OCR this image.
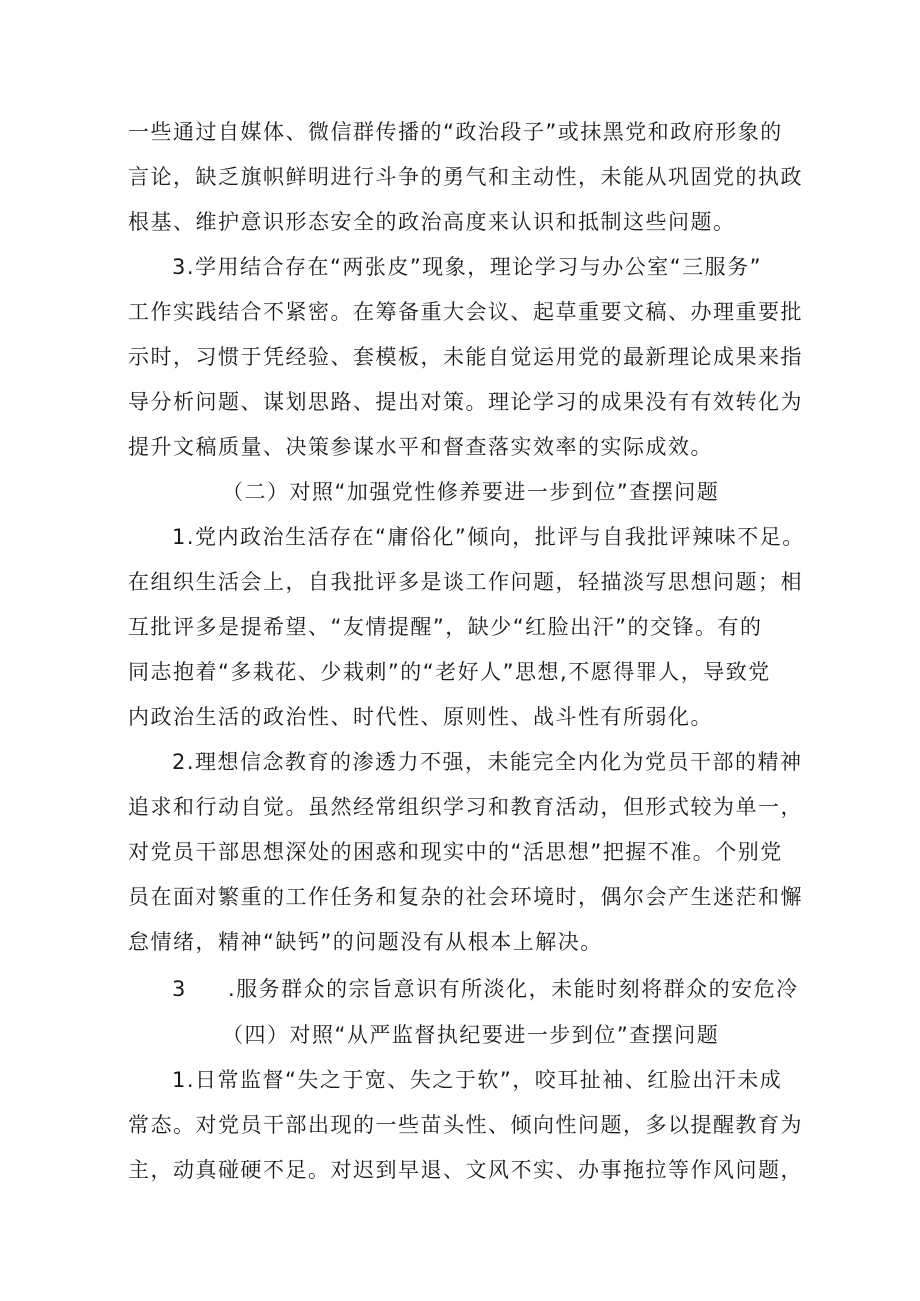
一些通过自媒体、微信群传播的“政治段子”或抹黑党和政府形象的
言论，缺乏旗帜鲜明进行斗争的勇气和主动性，未能从巩固党的执政
根基、维护意识形态安全的政治高度来认识和抵制这些问题。
3.学用结合存在“两张皮”现象，理论学习与办公室“三服务”
工作实践结合不紧密。在筹备重大会议、起草重要文稿、办理重要批
示时，习惯于凭经验、套模板，未能自觉运用党的最新理论成果来指
导分析问题、谋划思路、提出对策。理论学习的成果没有有效转化为
提升文稿质量、决策参谋水平和督查落实效率的实际成效。
（二）对照“加强党性修养要进一步到位”查摆问题
1.党内政治生活存在“庸俗化”倾向，批评与自我批评辣味不足。
在组织生活会上，自我批评多是谈工作问题，轻描淡写思想问题；相
互批评多是提希望、“友情提醒”，缺少“红脸出汗”的交锋。有的
同志抱着“多栽花、少栽刺”的“老好人”思想,不愿得罪人，导致党
内政治生活的政治性、时代性、原则性、战斗性有所弱化。
2.理想信念教育的渗透力不强，未能完全内化为党员干部的精神
追求和行动自觉。虽然经常组织学习和教育活动，但形式较为单一，
对党员干部思想深处的困惑和现实中的“活思想”把握不准。个别党
员在面对繁重的工作任务和复杂的社会环境时，偶尔会产生迷茫和懈
怠情绪，精神“缺钙”的问题没有从根本上解决。
3 .服务群众的宗旨意识有所淡化，未能时刻将群众的安危冷
（四）对照“从严监督执纪要进一步到位”查摆问题
1.日常监督“失之于宽、失之于软”，咬耳扯袖、红脸出汗未成
常态。对党员干部出现的一些苗头性、倾向性问题，多以提醒教育为
主，动真碰硬不足。对迟到早退、文风不实、办事拖拉等作风问题，
